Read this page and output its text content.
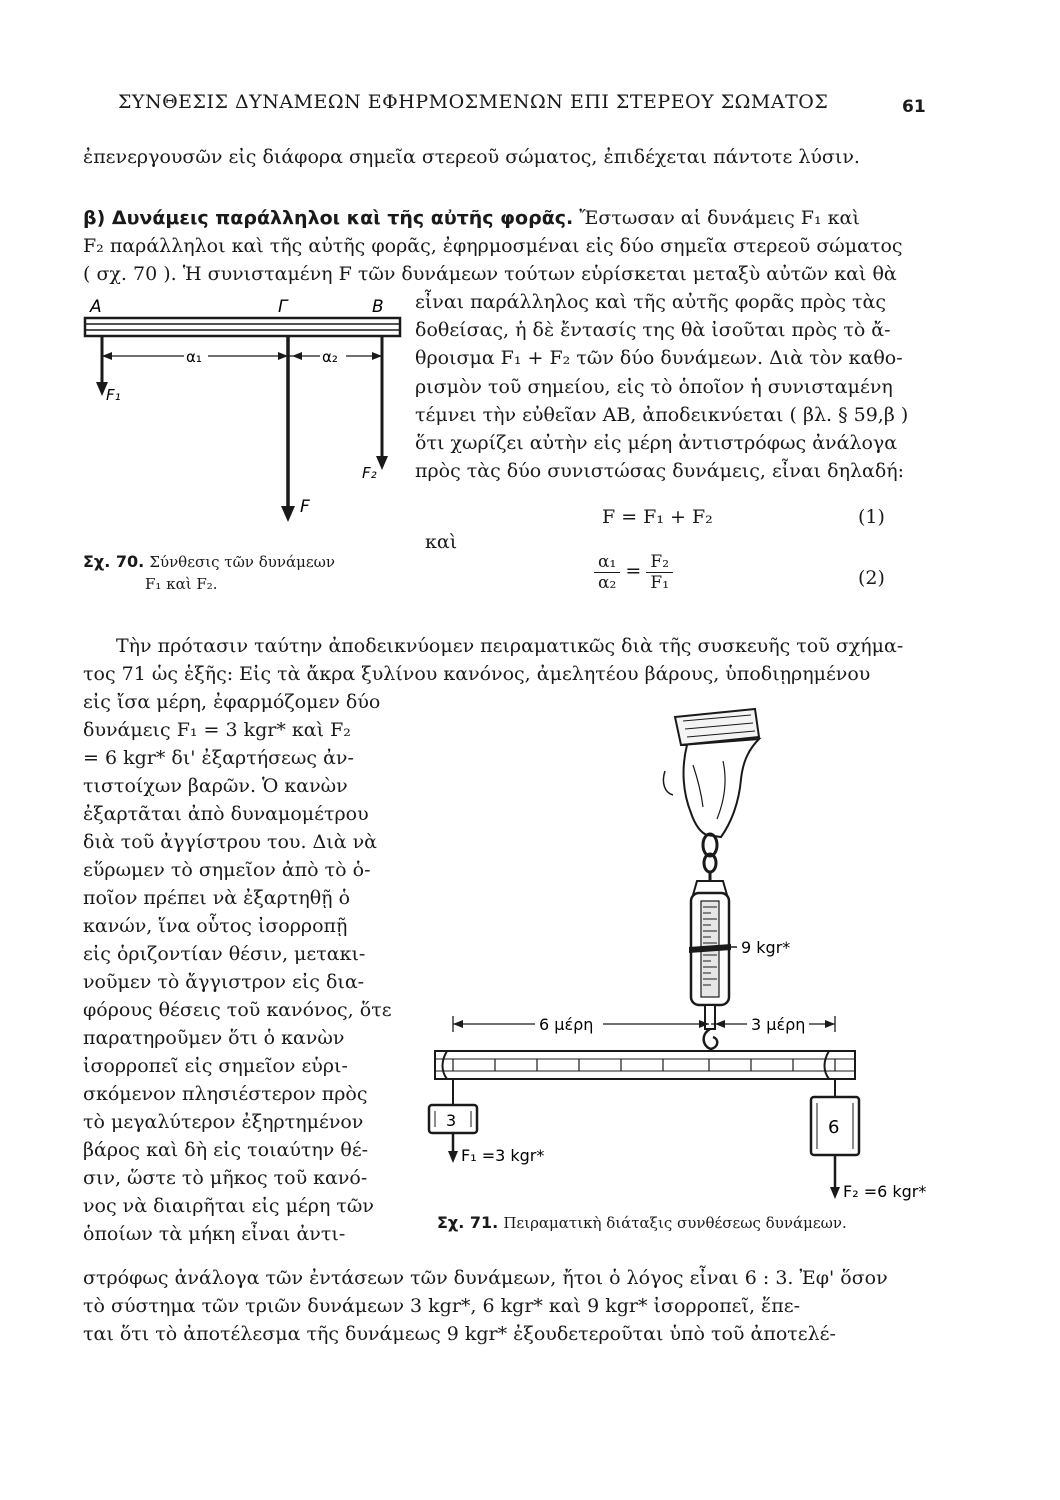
ΣΥΝΘΕΣΙΣ ΔΥΝΑΜΕΩΝ ΕΦΗΡΜΟΣΜΕΝΩΝ ΕΠΙ ΣΤΕΡΕΟΥ ΣΩΜΑΤΟΣ	61
ἐπενεργουσῶν εἰς διάφορα σημεῖα στερεοῦ σώματος, ἐπιδέχεται πάντοτε λύσιν.
β) Δυνάμεις παράλληλοι καὶ τῆς αὐτῆς φορᾶς. Ἔστωσαν αἱ δυνάμεις F₁ καὶ
F₂ παράλληλοι καὶ τῆς αὐτῆς φορᾶς, ἐφηρμοσμέναι εἰς δύο σημεῖα στερεοῦ σώματος
( σχ. 70 ). Ἡ συνισταμένη F τῶν δυνάμεων τούτων εὑρίσκεται μεταξὺ αὐτῶν καὶ θὰ
εἶναι παράλληλος καὶ τῆς αὐτῆς φορᾶς πρὸς τὰς
δοθείσας, ἡ δὲ ἔντασίς της θὰ ἰσοῦται πρὸς τὸ ἄ-
θροισμα F₁ + F₂ τῶν δύο δυνάμεων. Διὰ τὸν καθο-
ρισμὸν τοῦ σημείου, εἰς τὸ ὁποῖον ἡ συνισταμένη
τέμνει τὴν εὐθεῖαν ΑΒ, ἀποδεικνύεται ( βλ. § 59,β )
ὅτι χωρίζει αὐτὴν εἰς μέρη ἀντιστρόφως ἀνάλογα
πρὸς τὰς δύο συνιστώσας δυνάμεις, εἶναι δηλαδή:
F = F₁ + F₂	(1)
καὶ
$\frac{\text{α₁}}{\text{α₂}} = \frac{\text{F₂}}{\text{F₁}}$	(2)
A	Γ	B
α₁	α₂
F₁
F₂
F
Σχ. 70. Σύνθεσις τῶν δυνάμεων
F₁ καὶ F₂.
Τὴν πρότασιν ταύτην ἀποδεικνύομεν πειραματικῶς διὰ τῆς συσκευῆς τοῦ σχήμα-
τος 71 ὡς ἑξῆς: Εἰς τὰ ἄκρα ξυλίνου κανόνος, ἀμελητέου βάρους, ὑποδιῃρημένου
εἰς ἴσα μέρη, ἐφαρμόζομεν δύο
δυνάμεις F₁ = 3 kgr* καὶ F₂
= 6 kgr* δι' ἐξαρτήσεως ἀν-
τιστοίχων βαρῶν. Ὁ κανὼν
ἐξαρτᾶται ἀπὸ δυναμομέτρου
διὰ τοῦ ἀγγίστρου του. Διὰ νὰ
εὕρωμεν τὸ σημεῖον ἀπὸ τὸ ὁ-
ποῖον πρέπει νὰ ἐξαρτηθῇ ὁ
κανών, ἵνα οὗτος ἰσορροπῇ
εἰς ὁριζοντίαν θέσιν, μετακι-
νοῦμεν τὸ ἄγγιστρον εἰς δια-
φόρους θέσεις τοῦ κανόνος, ὅτε
παρατηροῦμεν ὅτι ὁ κανὼν
ἰσορροπεῖ εἰς σημεῖον εὑρι-
σκόμενον πλησιέστερον πρὸς
τὸ μεγαλύτερον ἐξηρτημένον
βάρος καὶ δὴ εἰς τοιαύτην θέ-
σιν, ὥστε τὸ μῆκος τοῦ κανό-
νος νὰ διαιρῆται εἰς μέρη τῶν
ὁποίων τὰ μήκη εἶναι ἀντι-
στρόφως ἀνάλογα τῶν ἐντάσεων τῶν δυνάμεων, ἤτοι ὁ λόγος εἶναι 6 : 3. Ἐφ' ὅσον
τὸ σύστημα τῶν τριῶν δυνάμεων 3 kgr*, 6 kgr* καὶ 9 kgr* ἰσορροπεῖ, ἕπε-
ται ὅτι τὸ ἀποτέλεσμα τῆς δυνάμεως 9 kgr* ἐξουδετεροῦται ὑπὸ τοῦ ἀποτελέ-
9 kgr*
6 μέρη	3 μέρη
3
F₁ =3 kgr*
6
F₂ =6 kgr*
Σχ. 71. Πειραματικὴ διάταξις συνθέσεως δυνάμεων.
